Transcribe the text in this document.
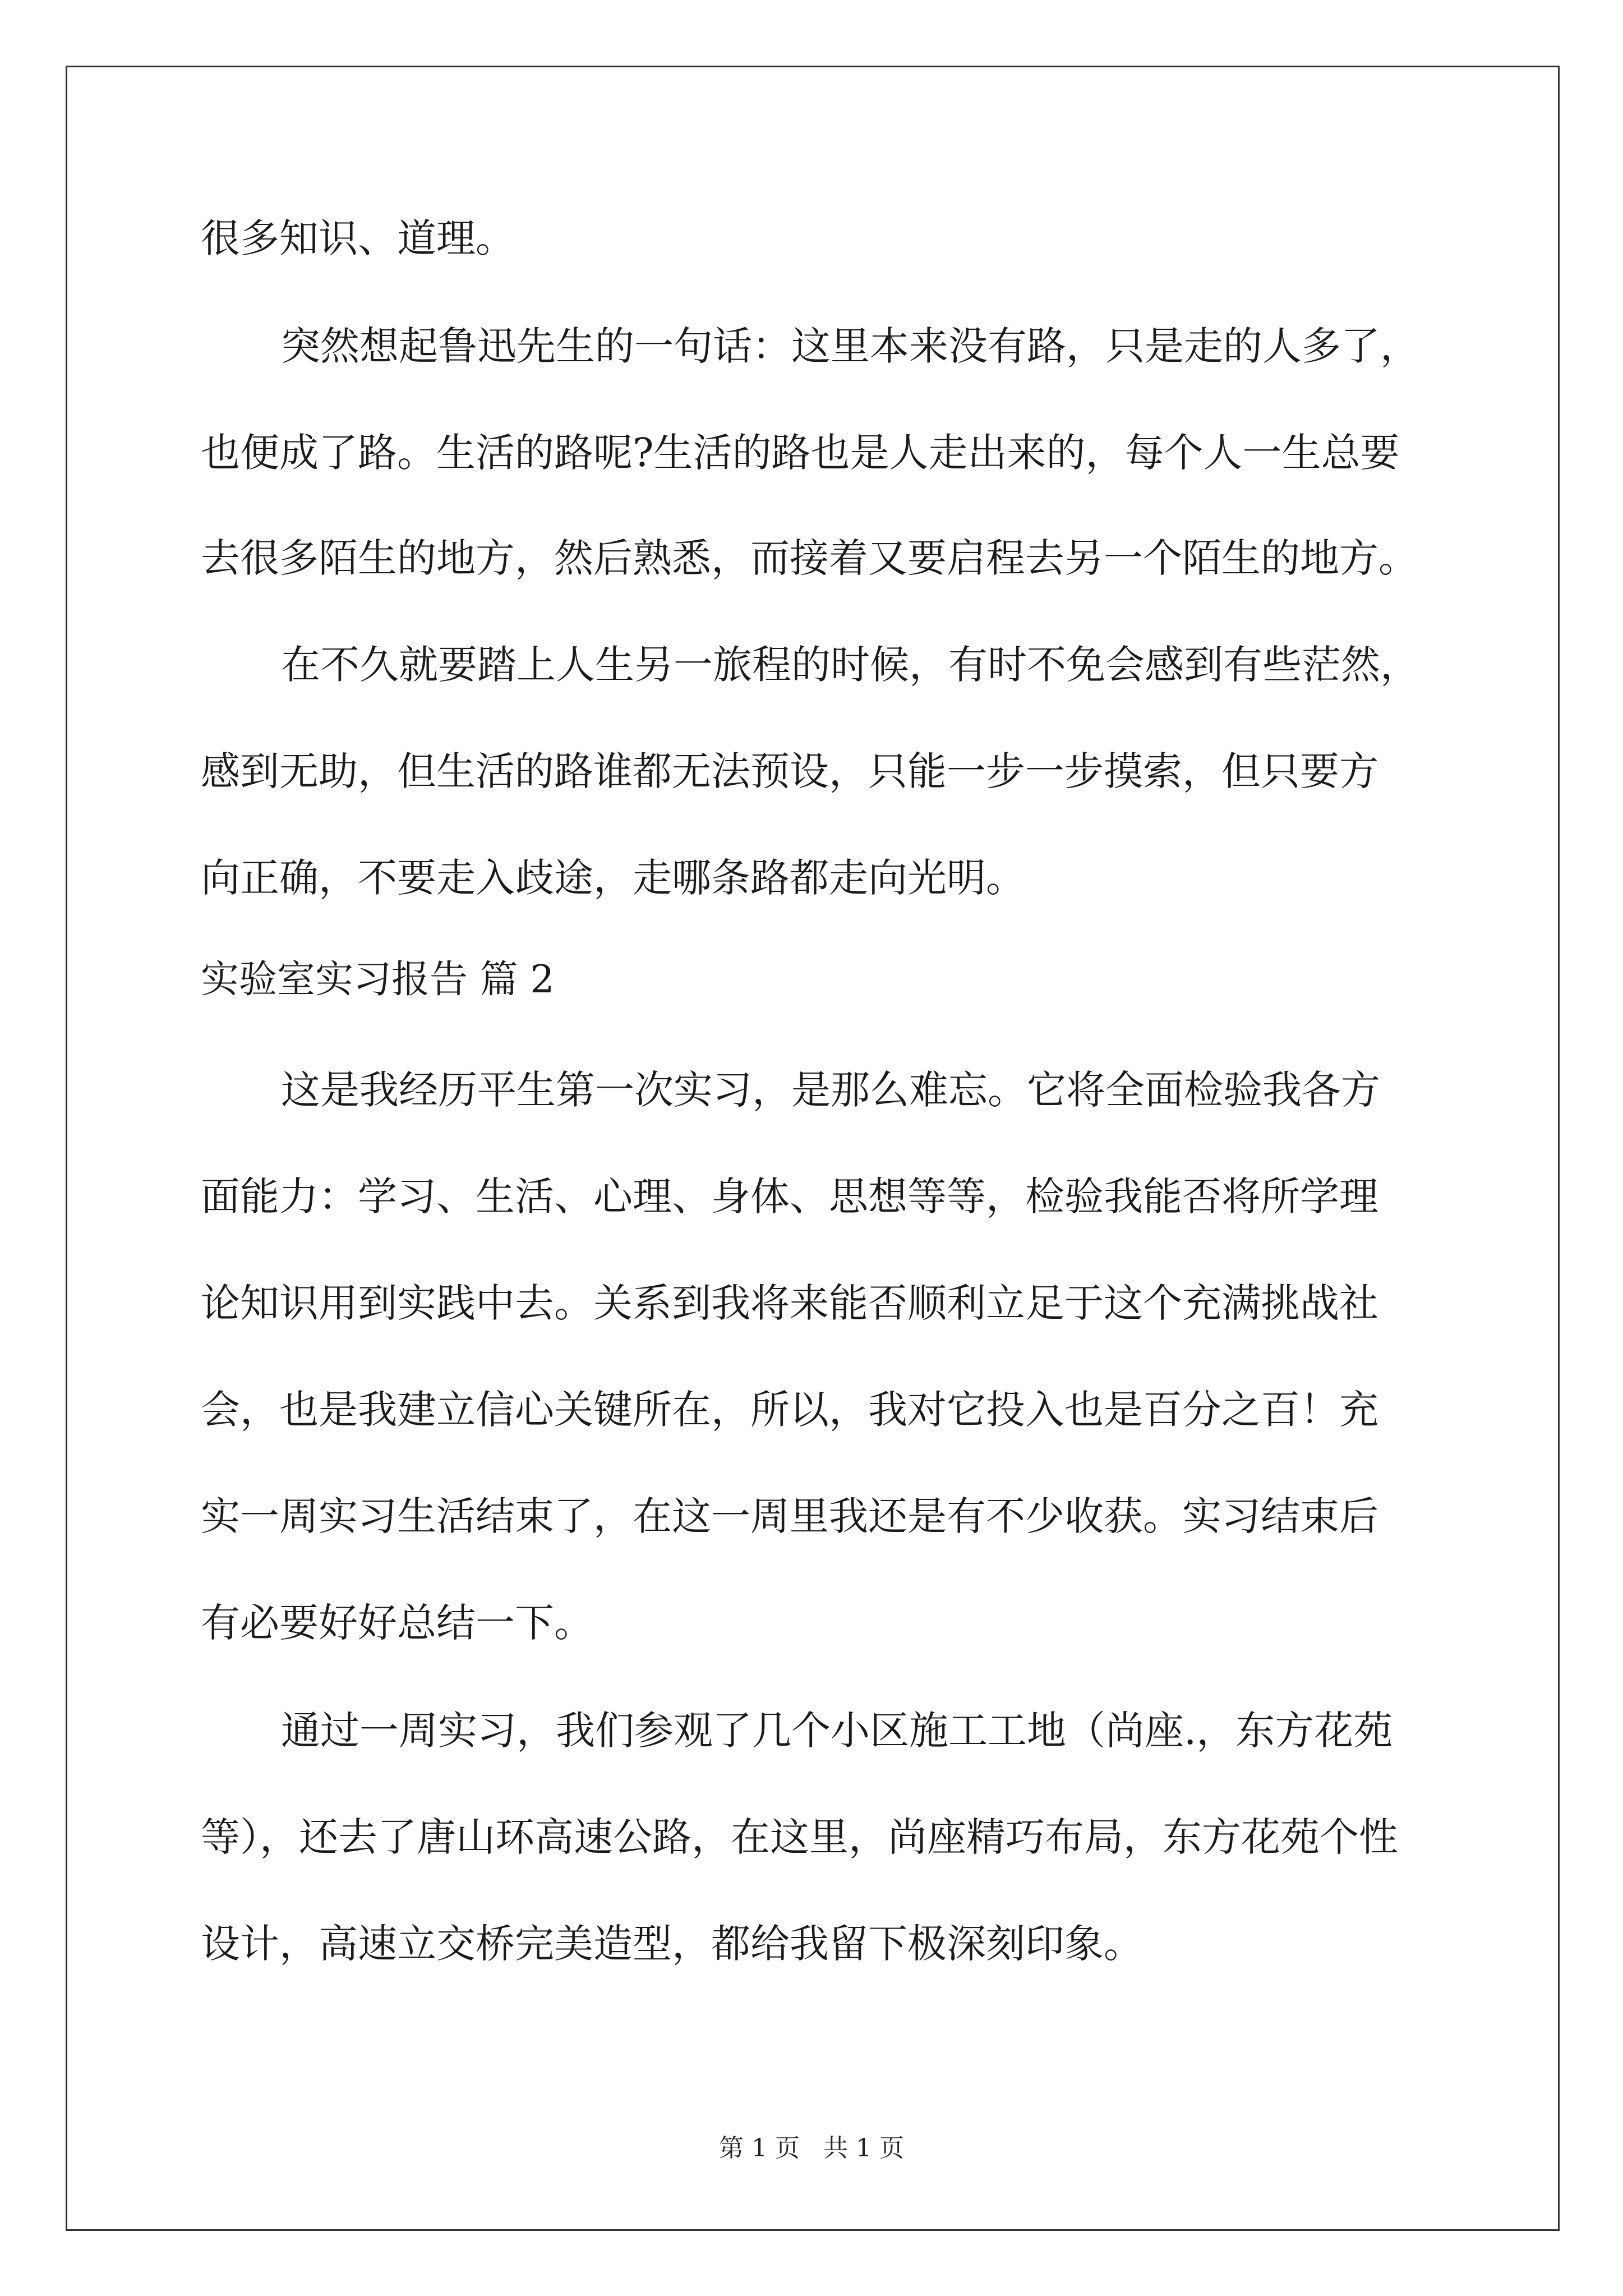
很多知识、道理。
突然想起鲁迅先生的一句话：这里本来没有路，只是走的人多了，
也便成了路。生活的路呢?生活的路也是人走出来的，每个人一生总要
去很多陌生的地方，然后熟悉，而接着又要启程去另一个陌生的地方。
在不久就要踏上人生另一旅程的时候，有时不免会感到有些茫然，
感到无助，但生活的路谁都无法预设，只能一步一步摸索，但只要方
向正确，不要走入歧途，走哪条路都走向光明。
实验室实习报告 篇 2
这是我经历平生第一次实习，是那么难忘。它将全面检验我各方
面能力：学习、生活、心理、身体、思想等等，检验我能否将所学理
论知识用到实践中去。关系到我将来能否顺利立足于这个充满挑战社
会，也是我建立信心关键所在，所以，我对它投入也是百分之百！充
实一周实习生活结束了，在这一周里我还是有不少收获。实习结束后
有必要好好总结一下。
通过一周实习，我们参观了几个小区施工工地（尚座.，东方花苑
等），还去了唐山环高速公路，在这里，尚座精巧布局，东方花苑个性
设计，高速立交桥完美造型，都给我留下极深刻印象。
第 1 页 共 1 页
